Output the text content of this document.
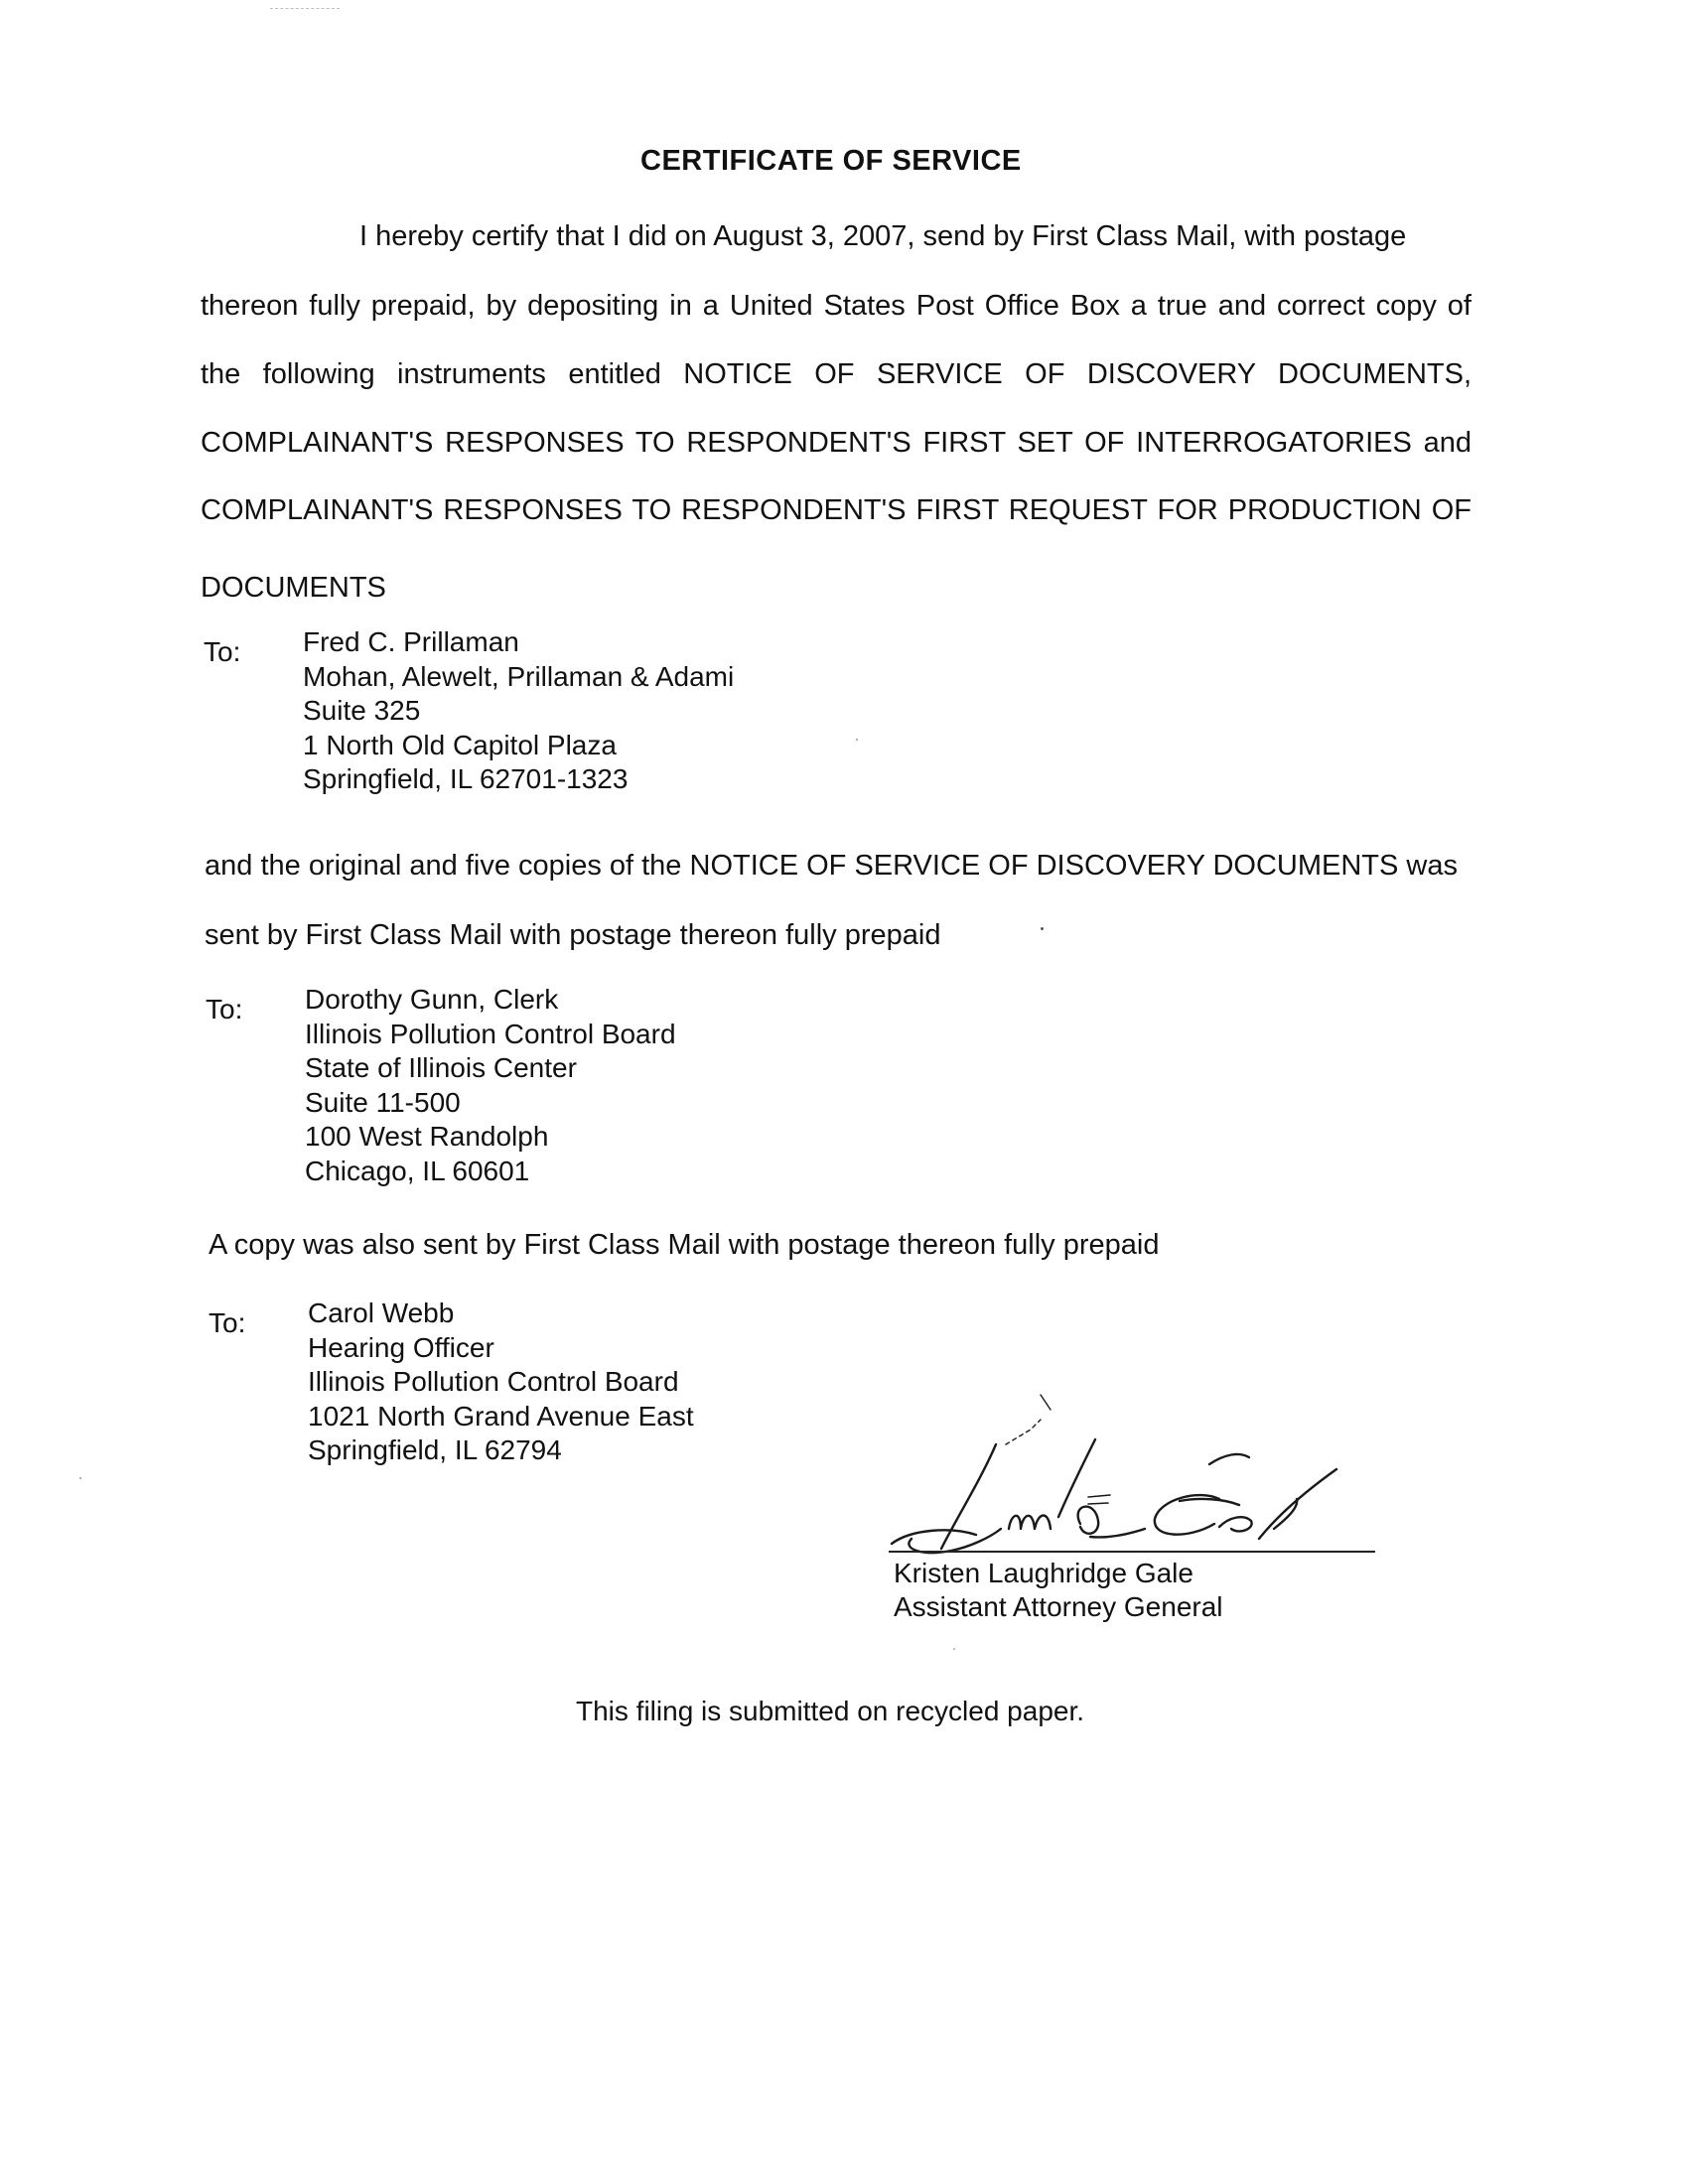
CERTIFICATE OF SERVICE
I hereby certify that I did on August 3, 2007, send by First Class Mail, with postage
thereon fully prepaid, by depositing in a United States Post Office Box a true and correct copy of
the following instruments entitled NOTICE OF SERVICE OF DISCOVERY DOCUMENTS,
COMPLAINANT'S RESPONSES TO RESPONDENT'S FIRST SET OF INTERROGATORIES and
COMPLAINANT'S RESPONSES TO RESPONDENT'S FIRST REQUEST FOR PRODUCTION OF
DOCUMENTS
To: Fred C. Prillaman
Mohan, Alewelt, Prillaman & Adami
Suite 325
1 North Old Capitol Plaza
Springfield, IL 62701-1323
and the original and five copies of the NOTICE OF SERVICE OF DISCOVERY DOCUMENTS was
sent by First Class Mail with postage thereon fully prepaid
To: Dorothy Gunn, Clerk
Illinois Pollution Control Board
State of Illinois Center
Suite 11-500
100 West Randolph
Chicago, IL 60601
A copy was also sent by First Class Mail with postage thereon fully prepaid
To: Carol Webb
Hearing Officer
Illinois Pollution Control Board
1021 North Grand Avenue East
Springfield, IL 62794
Kristen Laughridge Gale
Assistant Attorney General
This filing is submitted on recycled paper.
